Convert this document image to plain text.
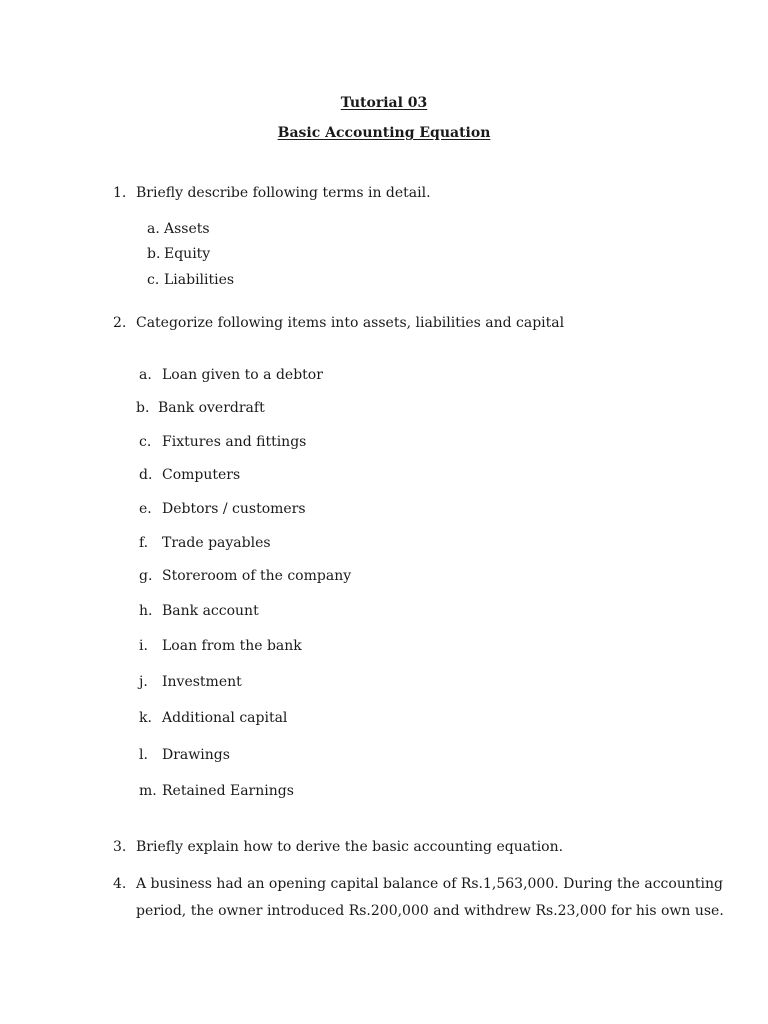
Tutorial 03
Basic Accounting Equation
1. Briefly describe following terms in detail.
a. Assets
b. Equity
c. Liabilities
2. Categorize following items into assets, liabilities and capital
a. Loan given to a debtor
b. Bank overdraft
c. Fixtures and fittings
d. Computers
e. Debtors / customers
f. Trade payables
g. Storeroom of the company
h. Bank account
i. Loan from the bank
j. Investment
k. Additional capital
l. Drawings
m. Retained Earnings
3. Briefly explain how to derive the basic accounting equation.
4. A business had an opening capital balance of Rs.1,563,000. During the accounting
period, the owner introduced Rs.200,000 and withdrew Rs.23,000 for his own use.
